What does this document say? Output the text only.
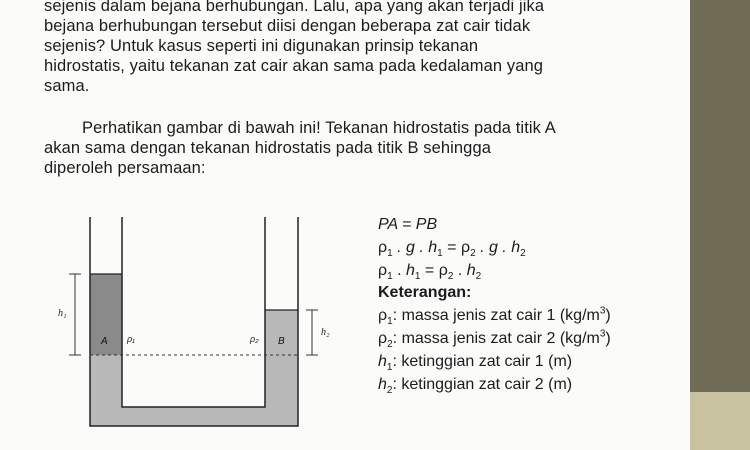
sejenis dalam bejana berhubungan. Lalu, apa yang akan terjadi jika
bejana berhubungan tersebut diisi dengan beberapa zat cair tidak
sejenis? Untuk kasus seperti ini digunakan prinsip tekanan
hidrostatis, yaitu tekanan zat cair akan sama pada kedalaman yang
sama.

Perhatikan gambar di bawah ini! Tekanan hidrostatis pada titik A
akan sama dengan tekanan hidrostatis pada titik B sehingga
diperoleh persamaan:

h₁
h₂
A ρ₁	ρ₂ B
PA = PB
$\rho_1$ . g . $h_1 = \rho_2$ . g . $h_2$
$\rho_1$ . $h_1 = \rho_2$ . $h_2$
Keterangan:
$\rho_1$: massa jenis zat cair 1 $(kg/m^3)$
$\rho_2$: massa jenis zat cair 2 $(kg/m^3)$
$h_1$: ketinggian zat cair 1 (m)
$h_2$: ketinggian zat cair 2 (m)
